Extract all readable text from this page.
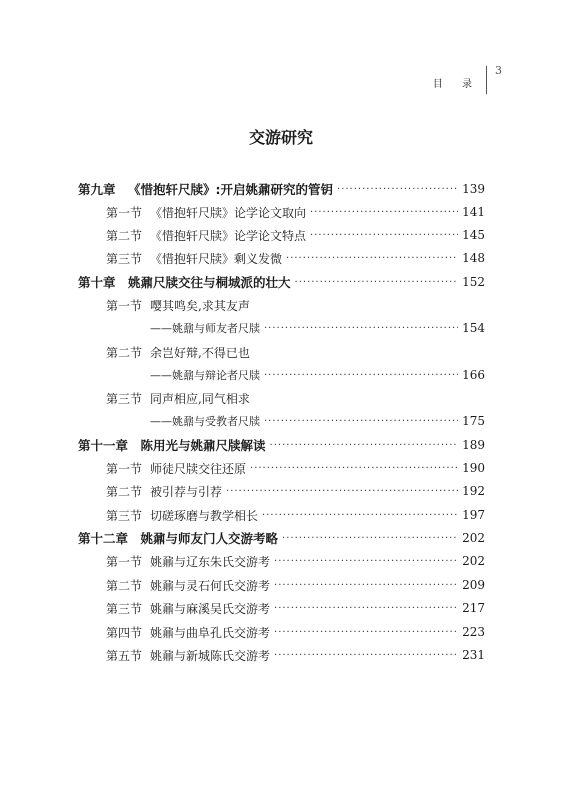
目 录
3
交游研究
第九章  《惜抱轩尺牍》:开启姚鼐研究的管钥 ·····	139
第一节 《惜抱轩尺牍》论学论文取向 ·····	141
第二节 《惜抱轩尺牍》论学论文特点 ·····	145
第三节 《惜抱轩尺牍》剩义发微 ·····	148
第十章  姚鼐尺牍交往与桐城派的壮大 ·····	152
第一节 嘤其鸣矣,求其友声
——姚鼐与师友者尺牍 ·····	154
第二节 余岂好辩,不得已也
——姚鼐与辩论者尺牍 ·····	166
第三节 同声相应,同气相求
——姚鼐与受教者尺牍 ·····	175
第十一章  陈用光与姚鼐尺牍解读 ·····	189
第一节 师徒尺牍交往还原 ·····	190
第二节 被引荐与引荐 ·····	192
第三节 切磋琢磨与教学相长 ·····	197
第十二章  姚鼐与师友门人交游考略 ·····	202
第一节 姚鼐与辽东朱氏交游考 ·····	202
第二节 姚鼐与灵石何氏交游考 ·····	209
第三节 姚鼐与麻溪吴氏交游考 ·····	217
第四节 姚鼐与曲阜孔氏交游考 ·····	223
第五节 姚鼐与新城陈氏交游考 ·····	231
